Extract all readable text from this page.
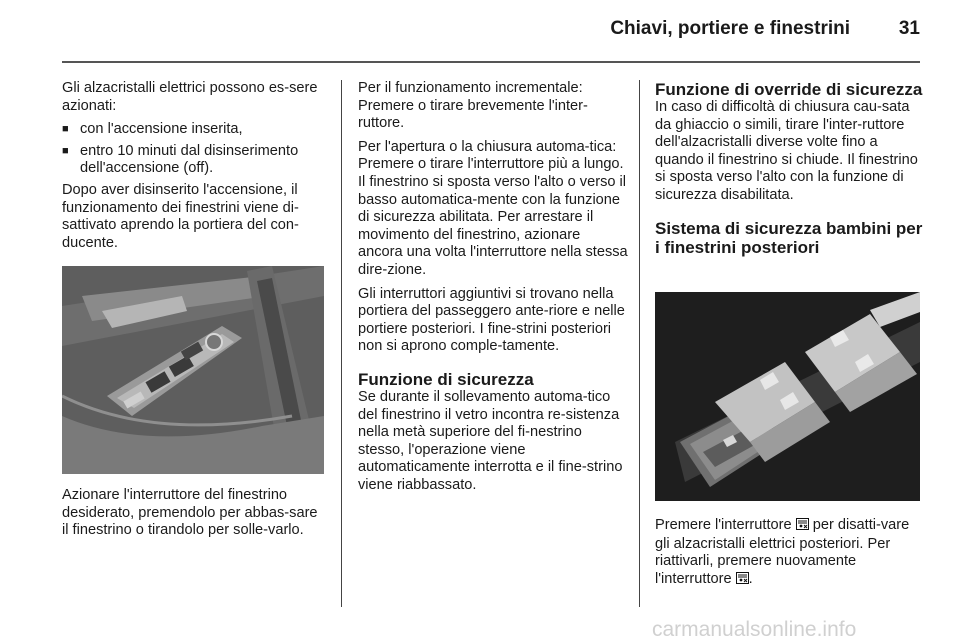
Chiavi, portiere e finestrini	31

Gli alzacristalli elettrici possono es-sere azionati:

■ con l'accensione inserita,
■ entro 10 minuti dal disinserimento dell'accensione (off).

Dopo aver disinserito l'accensione, il funzionamento dei finestrini viene di-sattivato aprendo la portiera del con-ducente.

Azionare l'interruttore del finestrino desiderato, premendolo per abbas-sare il finestrino o tirandolo per solle-varlo.

Per il funzionamento incrementale: Premere o tirare brevemente l'inter-ruttore.

Per l'apertura o la chiusura automa-tica: Premere o tirare l'interruttore più a lungo. Il finestrino si sposta verso l'alto o verso il basso automatica-mente con la funzione di sicurezza abilitata. Per arrestare il movimento del finestrino, azionare ancora una volta l'interruttore nella stessa dire-zione.

Gli interruttori aggiuntivi si trovano nella portiera del passeggero ante-riore e nelle portiere posteriori. I fine-strini posteriori non si aprono comple-tamente.

Funzione di sicurezza

Se durante il sollevamento automa-tico del finestrino il vetro incontra re-sistenza nella metà superiore del fi-nestrino stesso, l'operazione viene automaticamente interrotta e il fine-strino viene riabbassato.

Funzione di override di sicurezza

In caso di difficoltà di chiusura cau-sata da ghiaccio o simili, tirare l'inter-ruttore dell'alzacristalli diverse volte fino a quando il finestrino si chiude. Il finestrino si sposta verso l'alto con la funzione di sicurezza disabilitata.

Sistema di sicurezza bambini per i finestrini posteriori
Premere l'interruttore per disatti-vare gli alzacristalli elettrici posteriori. Per riattivarli, premere nuovamente l'interruttore .
carmanualsonline.info
